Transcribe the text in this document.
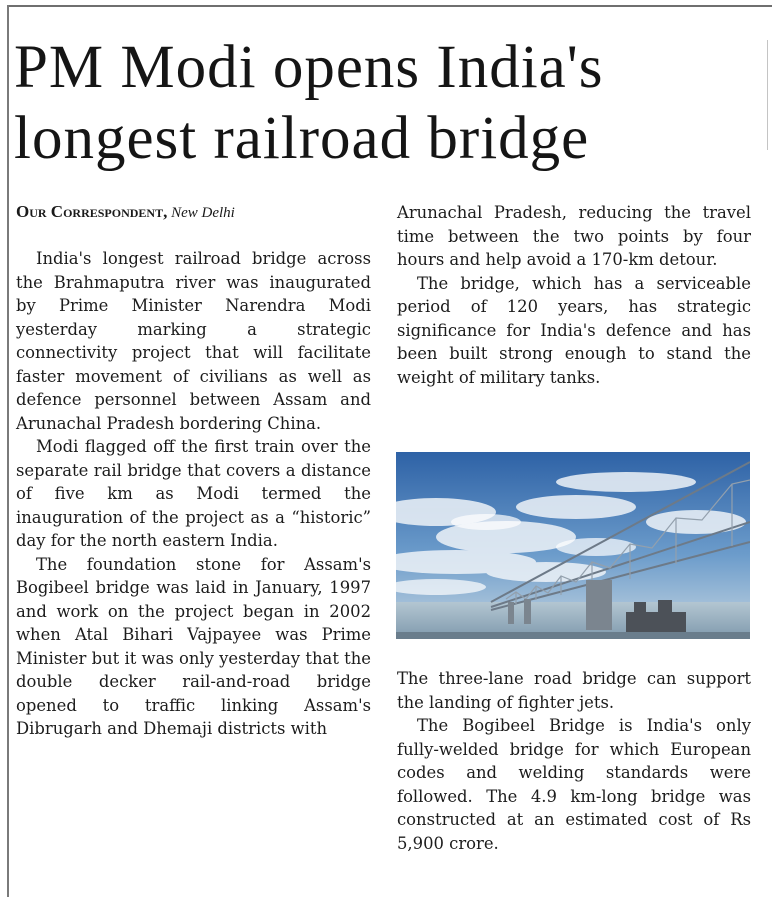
PM Modi opens India's longest railroad bridge
Our Correspondent, New Delhi

India's longest railroad bridge across the Brahmaputra river was inaugurated by Prime Minister Narendra Modi yesterday marking a strategic connectivity project that will facilitate faster movement of civilians as well as defence personnel between Assam and Arunachal Pradesh bordering China.

Modi flagged off the first train over the separate rail bridge that covers a distance of five km as Modi termed the inauguration of the project as a “historic” day for the north eastern India.

The foundation stone for Assam's Bogibeel bridge was laid in January, 1997 and work on the project began in 2002 when Atal Bihari Vajpayee was Prime Minister but it was only yesterday that the double decker rail-and-road bridge opened to traffic linking Assam's Dibrugarh and Dhemaji districts with

Arunachal Pradesh, reducing the travel time between the two points by four hours and help avoid a 170-km detour.

The bridge, which has a serviceable period of 120 years, has strategic significance for India's defence and has been built strong enough to stand the weight of military tanks.

The three-lane road bridge can support the landing of fighter jets.

The Bogibeel Bridge is India's only fully-welded bridge for which European codes and welding standards were followed. The 4.9 km-long bridge was constructed at an estimated cost of Rs 5,900 crore.
